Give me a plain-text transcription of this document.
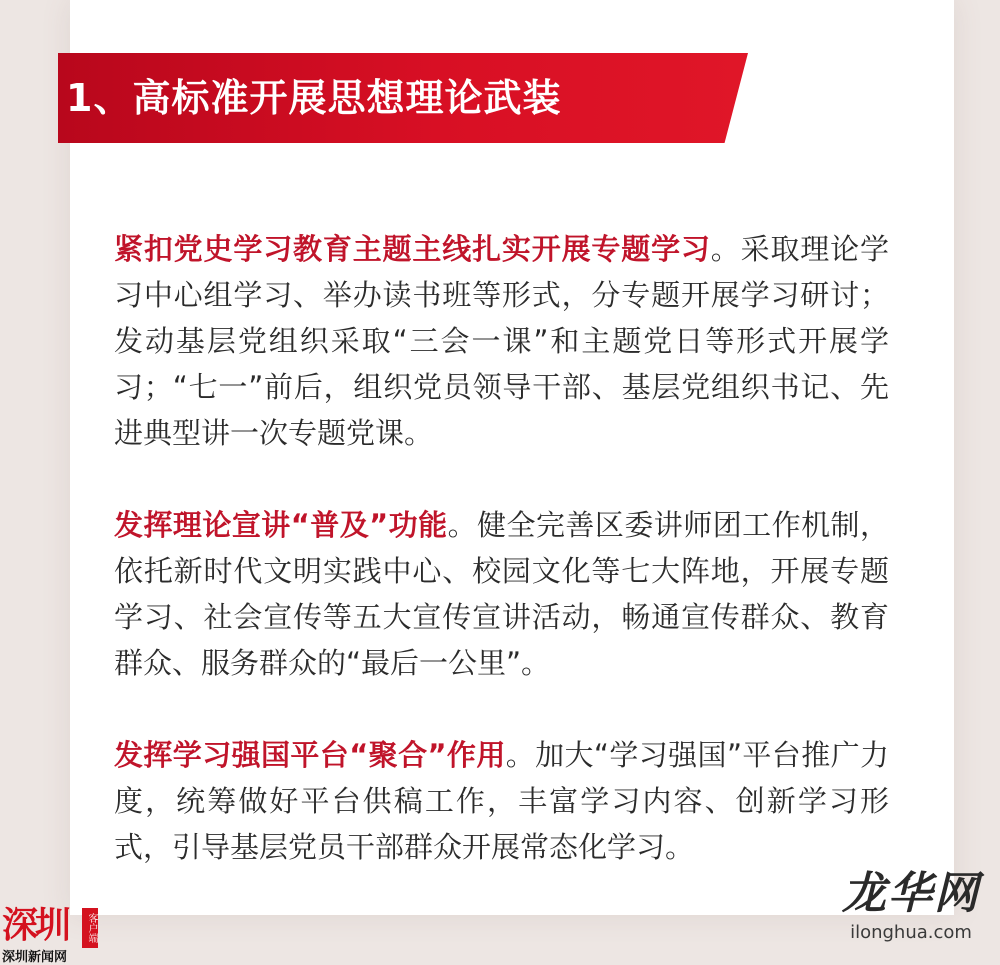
1、高标准开展思想理论武装

紧扣党史学习教育主题主线扎实开展专题学习。采取理论学习中心组学习、举办读书班等形式，分专题开展学习研讨；发动基层党组织采取“三会一课”和主题党日等形式开展学习；“七一”前后，组织党员领导干部、基层党组织书记、先进典型讲一次专题党课。

发挥理论宣讲“普及”功能。健全完善区委讲师团工作机制，依托新时代文明实践中心、校园文化等七大阵地，开展专题学习、社会宣传等五大宣传宣讲活动，畅通宣传群众、教育群众、服务群众的“最后一公里”。

发挥学习强国平台“聚合”作用。加大“学习强国”平台推广力度，统筹做好平台供稿工作，丰富学习内容、创新学习形式，引导基层党员干部群众开展常态化学习。

深圳	客户端
深圳新闻网
龙华网
ilonghua.com
